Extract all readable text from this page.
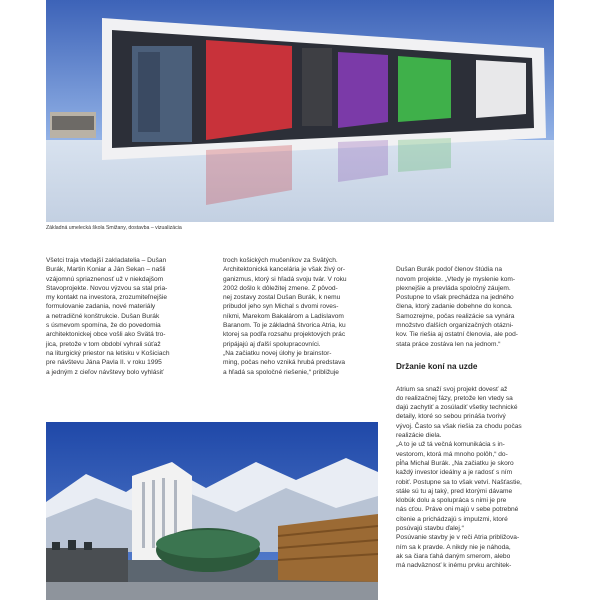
Základná umelecká škola Smižany, dostavba – vizualizácia
Všetci traja vtedajší zakladatelia – Dušan
Burák, Martin Koniar a Ján Sekan – našli
vzájomnú spriaznenosť už v niekdajšom
Stavoprojekte. Novou výzvou sa stal pria-
my kontakt na investora, zrozumiteľnejšie
formulovanie zadania, nové materiály
a netradičné konštrukcie. Dušan Burák
s úsmevom spomína, že do povedomia
architektonickej obce vošli ako Svätá tro-
jica, pretože v tom období vyhrali súťaž
na liturgický priestor na letisku v Košiciach
pre návštevu Jána Pavla II. v roku 1995
a jedným z cieľov návštevy bolo vyhlásiť
troch košických mučeníkov za Svätých.
Architektonická kancelária je však živý or-
ganizmus, ktorý si hľadá svoju tvár. V roku
2002 došlo k dôležitej zmene. Z pôvod-
nej zostavy zostal Dušan Burák, k nemu
pribudol jeho syn Michal s dvomi roves-
níkmi, Marekom Bakalárom a Ladislavom
Baranom. To je základná štvorica Atria, ku
ktorej sa podľa rozsahu projektových prác
pripájajú aj ďalší spolupracovníci.
„Na začiatku novej úlohy je brainstor-
ming, počas neho vzniká hrubá predstava
a hľadá sa spoločné riešenie,“ približuje

Dušan Burák podoľ členov štúdia na
novom projekte. „Vtedy je myslenie kom-
plexnejšie a prevláda spoločný záujem.
Postupne to však prechádza na jedného
člena, ktorý zadanie dobehne do konca.
Samozrejme, počas realizácie sa vynára
množstvo ďalších organizačných otázni-
kov. Tie riešia aj ostatní členovia, ale pod-
stata práce zostáva len na jednom.“

Držanie koní na uzde

Atrium sa snaží svoj projekt dovesť až
do realizačnej fázy, pretože len vtedy sa
dajú zachytiť a zosúladiť všetky technické
detaily, ktoré so sebou prináša tvorivý
vývoj. Často sa však riešia za chodu počas
realizácie diela.
„A to je už tá večná komunikácia s in-
vestorom, ktorá má mnoho polôh,“ do-
pĺňa Michal Burák. „Na začiatku je skoro
každý investor ideálny a je radosť s ním
robiť. Postupne sa to však vetví. Našťastie,
stále sú tu aj taký, pred ktorými dávame
klobúk dolu a spolupráca s nimi je pre
nás cťou. Práve oni majú v sebe potrebné
cítenie a prichádzajú s impulzmi, ktoré
posúvajú stavbu ďalej.“
Posúvanie stavby je v reči Atria približova-
ním sa k pravde. A nikdy nie je náhoda,
ak sa čiara ťahá daným smerom, alebo
má nadväznosť k inému prvku architek-
